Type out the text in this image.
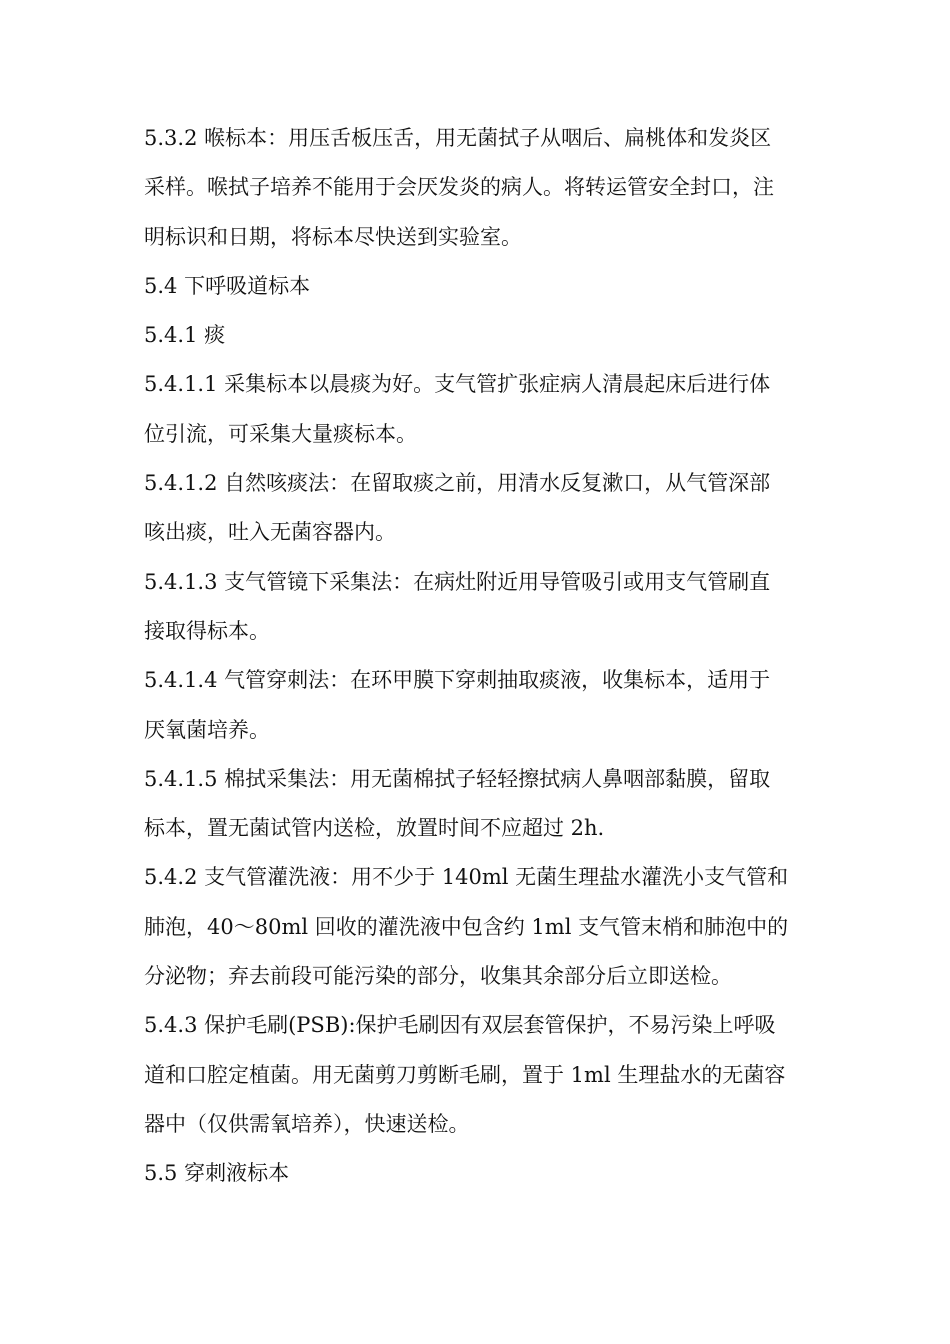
5.3.2 喉标本：用压舌板压舌，用无菌拭子从咽后、扁桃体和发炎区
采样。喉拭子培养不能用于会厌发炎的病人。将转运管安全封口，注
明标识和日期，将标本尽快送到实验室。
5.4 下呼吸道标本
5.4.1 痰
5.4.1.1 采集标本以晨痰为好。支气管扩张症病人清晨起床后进行体
位引流，可采集大量痰标本。
5.4.1.2 自然咳痰法：在留取痰之前，用清水反复漱口，从气管深部
咳出痰，吐入无菌容器内。
5.4.1.3 支气管镜下采集法：在病灶附近用导管吸引或用支气管刷直
接取得标本。
5.4.1.4 气管穿刺法：在环甲膜下穿刺抽取痰液，收集标本，适用于
厌氧菌培养。
5.4.1.5 棉拭采集法：用无菌棉拭子轻轻擦拭病人鼻咽部黏膜，留取
标本，置无菌试管内送检，放置时间不应超过 2h.
5.4.2 支气管灌洗液：用不少于 140ml 无菌生理盐水灌洗小支气管和
肺泡，40～80ml 回收的灌洗液中包含约 1ml 支气管末梢和肺泡中的
分泌物；弃去前段可能污染的部分，收集其余部分后立即送检。
5.4.3 保护毛刷(PSB):保护毛刷因有双层套管保护，不易污染上呼吸
道和口腔定植菌。用无菌剪刀剪断毛刷，置于 1ml 生理盐水的无菌容
器中（仅供需氧培养），快速送检。
5.5 穿刺液标本
